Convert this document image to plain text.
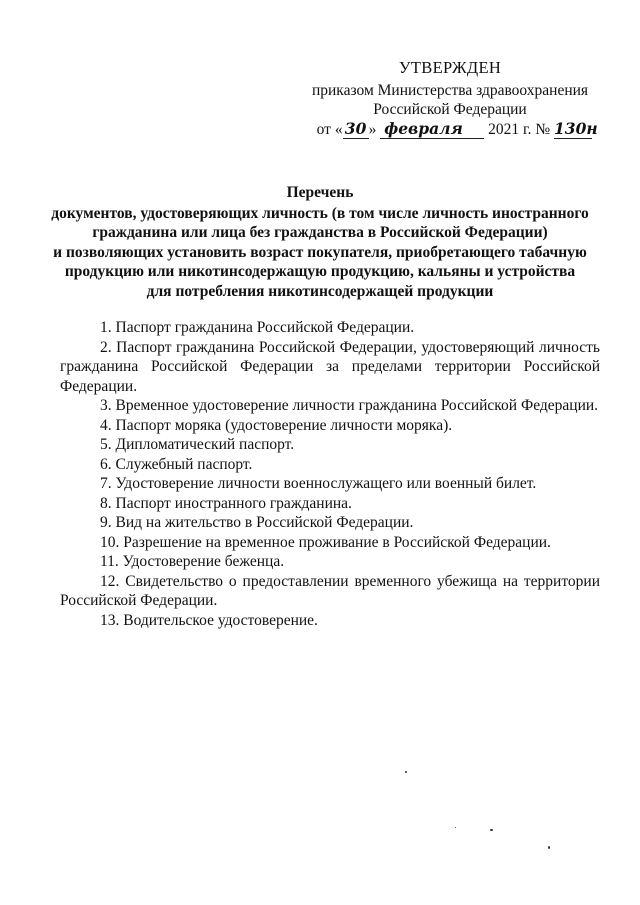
УТВЕРЖДЕН
приказом Министерства здравоохранения
Российской Федерации
от « 30 » февраля 2021 г. № 130н
Перечень
документов, удостоверяющих личность (в том числе личность иностранного
гражданина или лица без гражданства в Российской Федерации)
и позволяющих установить возраст покупателя, приобретающего табачную
продукцию или никотинсодержащую продукцию, кальяны и устройства
для потребления никотинсодержащей продукции
1. Паспорт гражданина Российской Федерации.
2. Паспорт гражданина Российской Федерации, удостоверяющий личность гражданина Российской Федерации за пределами территории Российской Федерации.
3. Временное удостоверение личности гражданина Российской Федерации.
4. Паспорт моряка (удостоверение личности моряка).
5. Дипломатический паспорт.
6. Служебный паспорт.
7. Удостоверение личности военнослужащего или военный билет.
8. Паспорт иностранного гражданина.
9. Вид на жительство в Российской Федерации.
10. Разрешение на временное проживание в Российской Федерации.
11. Удостоверение беженца.
12. Свидетельство о предоставлении временного убежища на территории Российской Федерации.
13. Водительское удостоверение.
